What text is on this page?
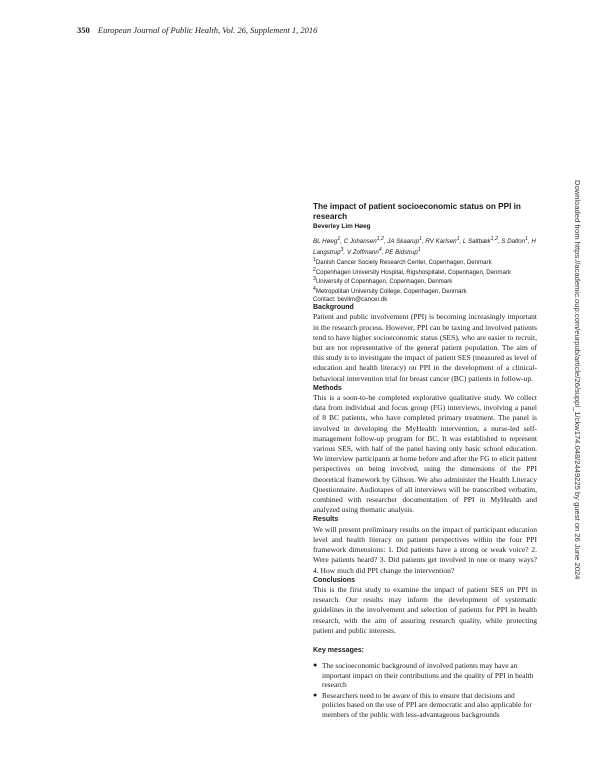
350 European Journal of Public Health, Vol. 26, Supplement 1, 2016
Downloaded from https://academic.oup.com/eurpub/article/26/suppl_1/ckw174.048/2449225 by guest on 26 June 2024
The impact of patient socioeconomic status on PPI in research
Beverley Lim Høeg
BL Høeg$^1$, C Johansen$^{1,2}$, JA Skaarup$^1$, RV Karlsen$^1$, L Saltbæk$^{1,2}$, S Dalton$^1$, H Langstrup$^3$, V Zoffmann$^4$, PE Bidstrup$^1$
$^1$Danish Cancer Society Research Center, Copenhagen, Denmark
$^2$Copenhagen University Hospital, Rigshospitalet, Copenhagen, Denmark
$^3$University of Copenhagen, Copenhagen, Denmark
$^4$Metropolitan University College, Copenhagen, Denmark
Contact: bevlim@cancer.dk
Background

Patient and public involvement (PPI) is becoming increasingly important in the research process. However, PPI can be taxing and involved patients tend to have higher socioeconomic status (SES), who are easier to recruit, but are not representative of the general patient population. The aim of this study is to investigate the impact of patient SES (measured as level of education and health literacy) on PPI in the development of a clinical-behavioral intervention trial for breast cancer (BC) patients in follow-up.

Methods

This is a soon-to-be completed explorative qualitative study. We collect data from individual and focus group (FG) interviews, involving a panel of 8 BC patients, who have completed primary treatment. The panel is involved in developing the MyHealth intervention, a nurse-led self-management follow-up program for BC. It was established to represent various SES, with half of the panel having only basic school education. We interview participants at home before and after the FG to elicit patient perspectives on being involved, using the dimensions of the PPI theoretical framework by Gibson. We also administer the Health Literacy Questionnaire. Audiotapes of all interviews will be transcribed verbatim, combined with researcher documentation of PPI in MyHealth and analyzed using thematic analysis.

Results

We will present preliminary results on the impact of participant education level and health literacy on patient perspectives within the four PPI framework dimensions: 1. Did patients have a strong or weak voice? 2. Were patients heard? 3. Did patients get involved in one or many ways? 4. How much did PPI change the intervention?

Conclusions

This is the first study to examine the impact of patient SES on PPI in research. Our results may inform the development of systematic guidelines in the involvement and selection of patients for PPI in health research, with the aim of assuring research quality, while protecting patient and public interests.

Key messages:
● The socioeconomic background of involved patients may have an important impact on their contributions and the quality of PPI in health research
● Researchers need to be aware of this to ensure that decisions and policies based on the use of PPI are democratic and also applicable for members of the public with less-advantageous backgrounds
